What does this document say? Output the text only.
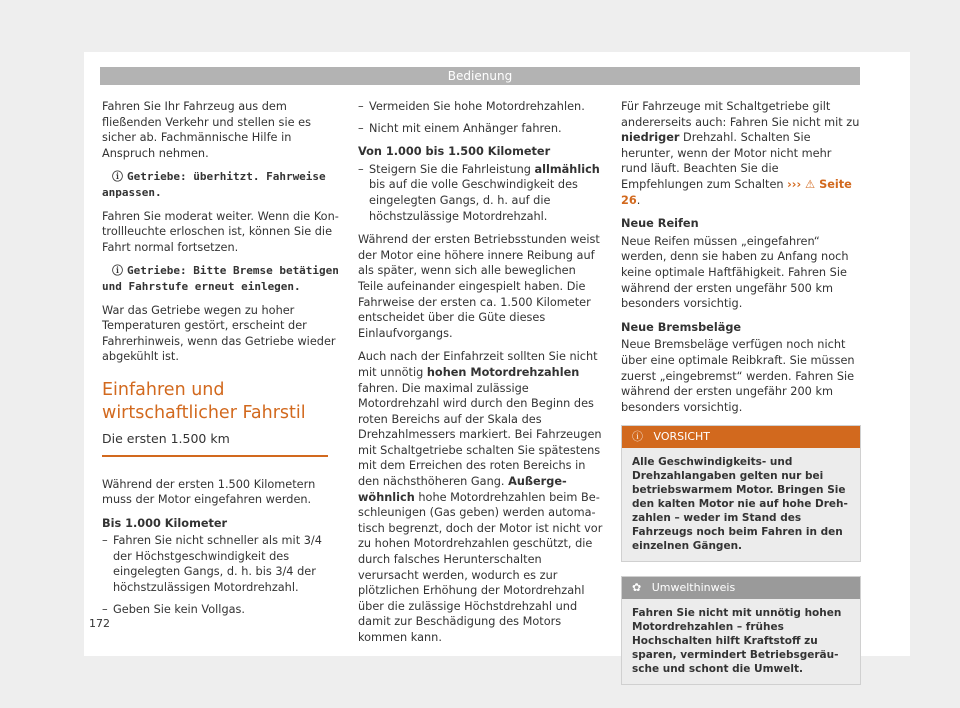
Bedienung

Fahren Sie Ihr Fahrzeug aus dem fließenden Verkehr und stellen sie es sicher ab. Fachmännische Hilfe in Anspruch nehmen.

ⓘ Getriebe: überhitzt. Fahrweise anpassen.

Fahren Sie moderat weiter. Wenn die Kontrollleuchte erloschen ist, können Sie die Fahrt normal fortsetzen.

ⓘ Getriebe: Bitte Bremse betätigen und Fahrstufe erneut einlegen.

War das Getriebe wegen zu hoher Temperaturen gestört, erscheint der Fahrerhinweis, wenn das Getriebe wieder abgekühlt ist.

Einfahren und wirtschaftlicher Fahrstil
Die ersten 1.500 km

Während der ersten 1.500 Kilometern muss der Motor eingefahren werden.

Bis 1.000 Kilometer
– Fahren Sie nicht schneller als mit 3/4 der Höchstgeschwindigkeit des eingelegten Gangs, d. h. bis 3/4 der höchstzulässigen Motordrehzahl.
– Geben Sie kein Vollgas.
– Vermeiden Sie hohe Motordrehzahlen.
– Nicht mit einem Anhänger fahren.
Von 1.000 bis 1.500 Kilometer
– Steigern Sie die Fahrleistung allmählich bis auf die volle Geschwindigkeit des eingelegten Gangs, d. h. auf die höchstzulässige Motordrehzahl.

Während der ersten Betriebsstunden weist der Motor eine höhere innere Reibung auf als später, wenn sich alle beweglichen Teile aufeinander eingespielt haben. Die Fahrweise der ersten ca. 1.500 Kilometer entscheidet über die Güte dieses Einlaufvorgangs.

Auch nach der Einfahrzeit sollten Sie nicht mit unnötig hohen Motordrehzahlen fahren. Die maximal zulässige Motordrehzahl wird durch den Beginn des roten Bereichs auf der Skala des Drehzahlmessers markiert. Bei Fahrzeugen mit Schaltgetriebe schalten Sie spätestens mit dem Erreichen des roten Bereichs in den nächsthöheren Gang. Außergewöhnlich hohe Motordrehzahlen beim Beschleunigen (Gas geben) werden automatisch begrenzt, doch der Motor ist nicht vor zu hohen Motordrehzahlen geschützt, die durch falsches Herunterschalten verursacht werden, wodurch es zur plötzlichen Erhöhung der Motordrehzahl über die zulässige Höchstdrehzahl und damit zur Beschädigung des Motors kommen kann.

Für Fahrzeuge mit Schaltgetriebe gilt andererseits auch: Fahren Sie nicht mit zu niedriger Drehzahl. Schalten Sie herunter, wenn der Motor nicht mehr rund läuft. Beachten Sie die Empfehlungen zum Schalten ››› ⚠ Seite 26.

Neue Reifen

Neue Reifen müssen „eingefahren“ werden, denn sie haben zu Anfang noch keine optimale Haftfähigkeit. Fahren Sie während der ersten ungefähr 500 km besonders vorsichtig.

Neue Bremsbeläge

Neue Bremsbeläge verfügen noch nicht über eine optimale Reibkraft. Sie müssen zuerst „eingebremst“ werden. Fahren Sie während der ersten ungefähr 200 km besonders vorsichtig.

ⓘ VORSICHT
Alle Geschwindigkeits- und Drehzahlangaben gelten nur bei betriebswarmem Motor. Bringen Sie den kalten Motor nie auf hohe Drehzahlen – weder im Stand des Fahrzeugs noch beim Fahren in den einzelnen Gängen.
✿ Umwelthinweis
Fahren Sie nicht mit unnötig hohen Motordrehzahlen – frühes Hochschalten hilft Kraftstoff zu sparen, vermindert Betriebsgeräusche und schont die Umwelt.
172
